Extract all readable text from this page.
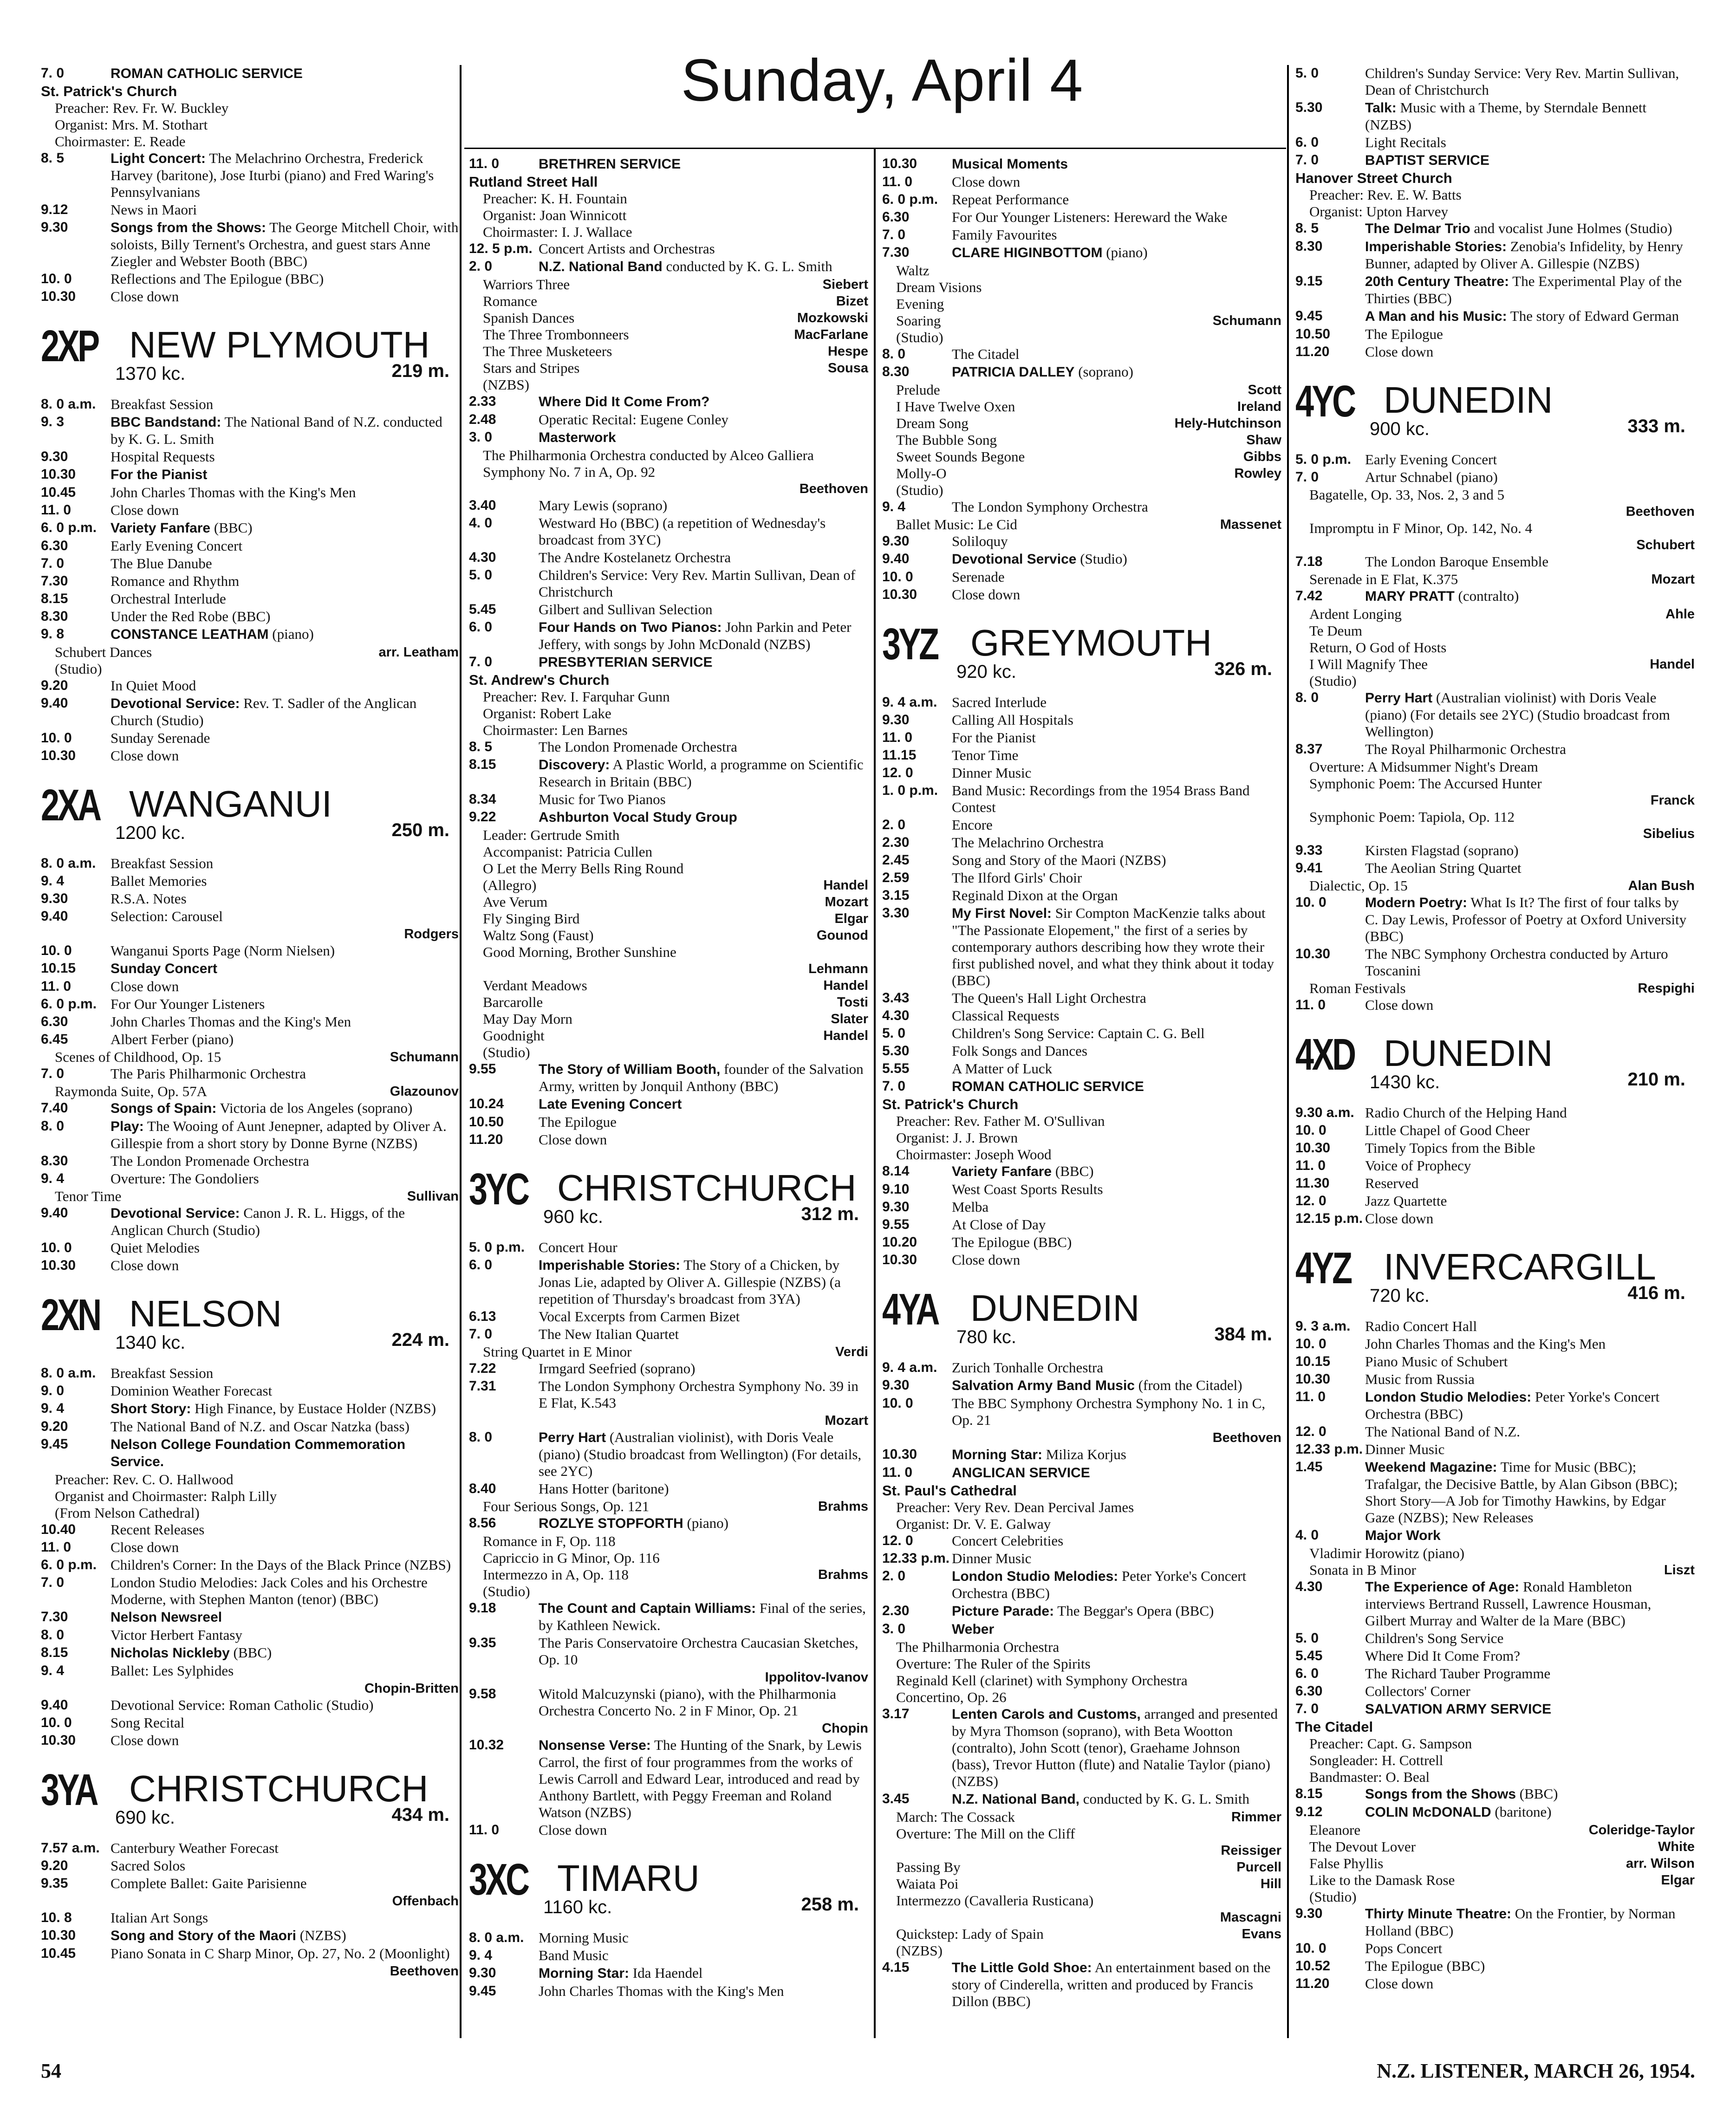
Sunday, April 4
7. 0	ROMAN CATHOLIC SERVICE
St. Patrick's Church
Preacher: Rev. Fr. W. Buckley
Organist: Mrs. M. Stothart
Choirmaster: E. Reade
8. 5	Light Concert: The Melachrino Orchestra, Frederick Harvey (baritone), Jose Iturbi (piano) and Fred Waring's Pennsylvanians
9.12	News in Maori
9.30	Songs from the Shows: The George Mitchell Choir, with soloists, Billy Ternent's Orchestra, and guest stars Anne Ziegler and Webster Booth (BBC)
10. 0	Reflections and The Epilogue (BBC)
10.30	Close down
2XP NEW PLYMOUTH
1370 kc.	219 m.
8. 0 a.m.	Breakfast Session
9. 3	BBC Bandstand: The National Band of N.Z. conducted by K. G. L. Smith
9.30	Hospital Requests
10.30	For the Pianist
10.45	John Charles Thomas with the King's Men
11. 0	Close down
6. 0 p.m. Variety Fanfare (BBC)
6.30	Early Evening Concert
7. 0	The Blue Danube
7.30	Romance and Rhythm
8.15	Orchestral Interlude
8.30	Under the Red Robe (BBC)
9. 8	CONSTANCE LEATHAM (piano)
Schubert Dances	arr. Leatham
(Studio)
9.20	In Quiet Mood
9.40	Devotional Service: Rev. T. Sadler of the Anglican Church (Studio)
10. 0	Sunday Serenade
10.30	Close down
2XA WANGANUI
1200 kc.	250 m.
8. 0 a.m.	Breakfast Session
9. 4	Ballet Memories
9.30	R.S.A. Notes
9.40	Selection: Carousel
Rodgers
10. 0	Wanganui Sports Page (Norm Nielsen)
10.15	Sunday Concert
11. 0	Close down
6. 0 p.m. For Our Younger Listeners
6.30	John Charles Thomas and the King's Men
6.45	Albert Ferber (piano)
Scenes of Childhood, Op. 15	Schumann
7. 0	The Paris Philharmonic Orchestra
Raymonda Suite, Op. 57A	Glazounov
7.40	Songs of Spain: Victoria de los Angeles (soprano)
8. 0	Play: The Wooing of Aunt Jenepner, adapted by Oliver A. Gillespie from a short story by Donne Byrne (NZBS)
8.30	The London Promenade Orchestra
9. 4	Overture: The Gondoliers
Tenor Time	Sullivan
9.40	Devotional Service: Canon J. R. L. Higgs, of the Anglican Church (Studio)
10. 0	Quiet Melodies
10.30	Close down
2XN NELSON
1340 kc.	224 m.
8. 0 a.m.	Breakfast Session
9. 0	Dominion Weather Forecast
9. 4	Short Story: High Finance, by Eustace Holder (NZBS)
9.20	The National Band of N.Z. and Oscar Natzka (bass)
9.45	Nelson College Foundation Commemoration Service.
Preacher: Rev. C. O. Hallwood
Organist and Choirmaster: Ralph Lilly
(From Nelson Cathedral)
10.40	Recent Releases
11. 0	Close down
6. 0 p.m. Children's Corner: In the Days of the Black Prince (NZBS)
7. 0	London Studio Melodies: Jack Coles and his Orchestre Moderne, with Stephen Manton (tenor) (BBC)
7.30	Nelson Newsreel
8. 0	Victor Herbert Fantasy
8.15	Nicholas Nickleby (BBC)
9. 4	Ballet: Les Sylphides
Chopin-Britten
9.40	Devotional Service: Roman Catholic (Studio)
10. 0	Song Recital
10.30	Close down
3YA CHRISTCHURCH
690 kc.	434 m.
7.57 a.m. Canterbury Weather Forecast
9.20	Sacred Solos
9.35	Complete Ballet: Gaite Parisienne
Offenbach
10. 8	Italian Art Songs
10.30	Song and Story of the Maori (NZBS)
10.45	Piano Sonata in C Sharp Minor, Op. 27, No. 2 (Moonlight)
Beethoven
11. 0	BRETHREN SERVICE
Rutland Street Hall
Preacher: K. H. Fountain
Organist: Joan Winnicott
Choirmaster: I. J. Wallace
12. 5 p.m. Concert Artists and Orchestras
2. 0	N.Z. National Band conducted by K. G. L. Smith
Warriors Three	Siebert
Romance	Bizet
Spanish Dances	Mozkowski
The Three Trombonneers	MacFarlane
The Three Musketeers	Hespe
Stars and Stripes	Sousa
(NZBS)
2.33	Where Did It Come From?
2.48	Operatic Recital: Eugene Conley
3. 0	Masterwork
The Philharmonia Orchestra conducted by Alceo Galliera
Symphony No. 7 in A, Op. 92
Beethoven
3.40	Mary Lewis (soprano)
4. 0	Westward Ho (BBC) (a repetition of Wednesday's broadcast from 3YC)
4.30	The Andre Kostelanetz Orchestra
5. 0	Children's Service: Very Rev. Martin Sullivan, Dean of Christchurch
5.45	Gilbert and Sullivan Selection
6. 0	Four Hands on Two Pianos: John Parkin and Peter Jeffery, with songs by John McDonald (NZBS)
7. 0	PRESBYTERIAN SERVICE
St. Andrew's Church
Preacher: Rev. I. Farquhar Gunn
Organist: Robert Lake
Choirmaster: Len Barnes
8. 5	The London Promenade Orchestra
8.15	Discovery: A Plastic World, a programme on Scientific Research in Britain (BBC)
8.34	Music for Two Pianos
9.22	Ashburton Vocal Study Group
Leader: Gertrude Smith
Accompanist: Patricia Cullen
O Let the Merry Bells Ring Round
(Allegro)	Handel
Ave Verum	Mozart
Fly Singing Bird	Elgar
Waltz Song (Faust)	Gounod
Good Morning, Brother Sunshine
Lehmann
Verdant Meadows	Handel
Barcarolle	Tosti
May Day Morn	Slater
Goodnight	Handel
(Studio)
9.55	The Story of William Booth, founder of the Salvation Army, written by Jonquil Anthony (BBC)
10.24	Late Evening Concert
10.50	The Epilogue
11.20	Close down
3YC CHRISTCHURCH
960 kc.	312 m.
5. 0 p.m. Concert Hour
6. 0	Imperishable Stories: The Story of a Chicken, by Jonas Lie, adapted by Oliver A. Gillespie (NZBS) (a repetition of Thursday's broadcast from 3YA)
6.13	Vocal Excerpts from Carmen Bizet
7. 0	The New Italian Quartet
String Quartet in E Minor	Verdi
7.22	Irmgard Seefried (soprano)
7.31	The London Symphony Orchestra Symphony No. 39 in E Flat, K.543
Mozart
8. 0	Perry Hart (Australian violinist), with Doris Veale (piano) (Studio broadcast from Wellington) (For details, see 2YC)
8.40	Hans Hotter (baritone)
Four Serious Songs, Op. 121	Brahms
8.56	ROZLYE STOPFORTH (piano)
Romance in F, Op. 118
Capriccio in G Minor, Op. 116
Intermezzo in A, Op. 118	Brahms
(Studio)
9.18	The Count and Captain Williams: Final of the series, by Kathleen Newick.
9.35	The Paris Conservatoire Orchestra Caucasian Sketches, Op. 10
Ippolitov-Ivanov
9.58	Witold Malcuzynski (piano), with the Philharmonia Orchestra Concerto No. 2 in F Minor, Op. 21
Chopin
10.32	Nonsense Verse: The Hunting of the Snark, by Lewis Carrol, the first of four programmes from the works of Lewis Carroll and Edward Lear, introduced and read by Anthony Bartlett, with Peggy Freeman and Roland Watson (NZBS)
11. 0	Close down
3XC TIMARU
1160 kc.	258 m.
8. 0 a.m.	Morning Music
9. 4	Band Music
9.30	Morning Star: Ida Haendel
9.45	John Charles Thomas with the King's Men
10.30	Musical Moments
11. 0	Close down
6. 0 p.m. Repeat Performance
6.30	For Our Younger Listeners: Hereward the Wake
7. 0	Family Favourites
7.30	CLARE HIGINBOTTOM (piano)
Waltz
Dream Visions
Evening
Soaring	Schumann
(Studio)
8. 0	The Citadel
8.30	PATRICIA DALLEY (soprano)
Prelude	Scott
I Have Twelve Oxen	Ireland
Dream Song	Hely-Hutchinson
The Bubble Song	Shaw
Sweet Sounds Begone	Gibbs
Molly-O	Rowley
(Studio)
9. 4	The London Symphony Orchestra
Ballet Music: Le Cid	Massenet
9.30	Soliloquy
9.40	Devotional Service (Studio)
10. 0	Serenade
10.30	Close down
3YZ GREYMOUTH
920 kc.	326 m.
9. 4 a.m.	Sacred Interlude
9.30	Calling All Hospitals
11. 0	For the Pianist
11.15	Tenor Time
12. 0	Dinner Music
1. 0 p.m. Band Music: Recordings from the 1954 Brass Band Contest
2. 0	Encore
2.30	The Melachrino Orchestra
2.45	Song and Story of the Maori (NZBS)
2.59	The Ilford Girls' Choir
3.15	Reginald Dixon at the Organ
3.30	My First Novel: Sir Compton MacKenzie talks about "The Passionate Elopement," the first of a series by contemporary authors describing how they wrote their first published novel, and what they think about it today (BBC)
3.43	The Queen's Hall Light Orchestra
4.30	Classical Requests
5. 0	Children's Song Service: Captain C. G. Bell
5.30	Folk Songs and Dances
5.55	A Matter of Luck
7. 0	ROMAN CATHOLIC SERVICE
St. Patrick's Church
Preacher: Rev. Father M. O'Sullivan
Organist: J. J. Brown
Choirmaster: Joseph Wood
8.14	Variety Fanfare (BBC)
9.10	West Coast Sports Results
9.30	Melba
9.55	At Close of Day
10.20	The Epilogue (BBC)
10.30	Close down
4YA DUNEDIN
780 kc.	384 m.
9. 4 a.m.	Zurich Tonhalle Orchestra
9.30	Salvation Army Band Music (from the Citadel)
10. 0	The BBC Symphony Orchestra Symphony No. 1 in C, Op. 21
Beethoven
10.30	Morning Star: Miliza Korjus
11. 0	ANGLICAN SERVICE
St. Paul's Cathedral
Preacher: Very Rev. Dean Percival James
Organist: Dr. V. E. Galway
12. 0	Concert Celebrities
12.33 p.m. Dinner Music
2. 0	London Studio Melodies: Peter Yorke's Concert Orchestra (BBC)
2.30	Picture Parade: The Beggar's Opera (BBC)
3. 0	Weber
The Philharmonia Orchestra
Overture: The Ruler of the Spirits
Reginald Kell (clarinet) with Symphony Orchestra
Concertino, Op. 26
3.17	Lenten Carols and Customs, arranged and presented by Myra Thomson (soprano), with Beta Wootton (contralto), John Scott (tenor), Graehame Johnson (bass), Trevor Hutton (flute) and Natalie Taylor (piano) (NZBS)
3.45	N.Z. National Band, conducted by K. G. L. Smith
March: The Cossack	Rimmer
Overture: The Mill on the Cliff
Reissiger
Passing By	Purcell
Waiata Poi	Hill
Intermezzo (Cavalleria Rusticana)
Mascagni
Quickstep: Lady of Spain	Evans
(NZBS)
4.15	The Little Gold Shoe: An entertainment based on the story of Cinderella, written and produced by Francis Dillon (BBC)
5. 0	Children's Sunday Service: Very Rev. Martin Sullivan, Dean of Christchurch
5.30	Talk: Music with a Theme, by Sterndale Bennett (NZBS)
6. 0	Light Recitals
7. 0	BAPTIST SERVICE
Hanover Street Church
Preacher: Rev. E. W. Batts
Organist: Upton Harvey
8. 5	The Delmar Trio and vocalist June Holmes (Studio)
8.30	Imperishable Stories: Zenobia's Infidelity, by Henry Bunner, adapted by Oliver A. Gillespie (NZBS)
9.15	20th Century Theatre: The Experimental Play of the Thirties (BBC)
9.45	A Man and his Music: The story of Edward German
10.50	The Epilogue
11.20	Close down
4YC DUNEDIN
900 kc.	333 m.
5. 0 p.m. Early Evening Concert
7. 0	Artur Schnabel (piano)
Bagatelle, Op. 33, Nos. 2, 3 and 5
Beethoven
Impromptu in F Minor, Op. 142, No. 4
Schubert
7.18	The London Baroque Ensemble
Serenade in E Flat, K.375	Mozart
7.42	MARY PRATT (contralto)
Ardent Longing	Ahle
Te Deum
Return, O God of Hosts
I Will Magnify Thee	Handel
(Studio)
8. 0	Perry Hart (Australian violinist) with Doris Veale (piano) (For details see 2YC) (Studio broadcast from Wellington)
8.37	The Royal Philharmonic Orchestra
Overture: A Midsummer Night's Dream
Symphonic Poem: The Accursed Hunter
Franck
Symphonic Poem: Tapiola, Op. 112
Sibelius
9.33	Kirsten Flagstad (soprano)
9.41	The Aeolian String Quartet
Dialectic, Op. 15	Alan Bush
10. 0	Modern Poetry: What Is It? The first of four talks by C. Day Lewis, Professor of Poetry at Oxford University (BBC)
10.30	The NBC Symphony Orchestra conducted by Arturo Toscanini
Roman Festivals	Respighi
11. 0	Close down
4XD DUNEDIN
1430 kc.	210 m.
9.30 a.m. Radio Church of the Helping Hand
10. 0	Little Chapel of Good Cheer
10.30	Timely Topics from the Bible
11. 0	Voice of Prophecy
11.30	Reserved
12. 0	Jazz Quartette
12.15 p.m. Close down
4YZ INVERCARGILL
720 kc.	416 m.
9. 3 a.m.	Radio Concert Hall
10. 0	John Charles Thomas and the King's Men
10.15	Piano Music of Schubert
10.30	Music from Russia
11. 0	London Studio Melodies: Peter Yorke's Concert Orchestra (BBC)
12. 0	The National Band of N.Z.
12.33 p.m. Dinner Music
1.45	Weekend Magazine: Time for Music (BBC); Trafalgar, the Decisive Battle, by Alan Gibson (BBC); Short Story—A Job for Timothy Hawkins, by Edgar Gaze (NZBS); New Releases
4. 0	Major Work
Vladimir Horowitz (piano)
Sonata in B Minor	Liszt
4.30	The Experience of Age: Ronald Hambleton interviews Bertrand Russell, Lawrence Housman, Gilbert Murray and Walter de la Mare (BBC)
5. 0	Children's Song Service
5.45	Where Did It Come From?
6. 0	The Richard Tauber Programme
6.30	Collectors' Corner
7. 0	SALVATION ARMY SERVICE
The Citadel
Preacher: Capt. G. Sampson
Songleader: H. Cottrell
Bandmaster: O. Beal
8.15	Songs from the Shows (BBC)
9.12	COLIN McDONALD (baritone)
Eleanore	Coleridge-Taylor
The Devout Lover	White
False Phyllis	arr. Wilson
Like to the Damask Rose	Elgar
(Studio)
9.30	Thirty Minute Theatre: On the Frontier, by Norman Holland (BBC)
10. 0	Pops Concert
10.52	The Epilogue (BBC)
11.20	Close down
54	N.Z. LISTENER, MARCH 26, 1954.
